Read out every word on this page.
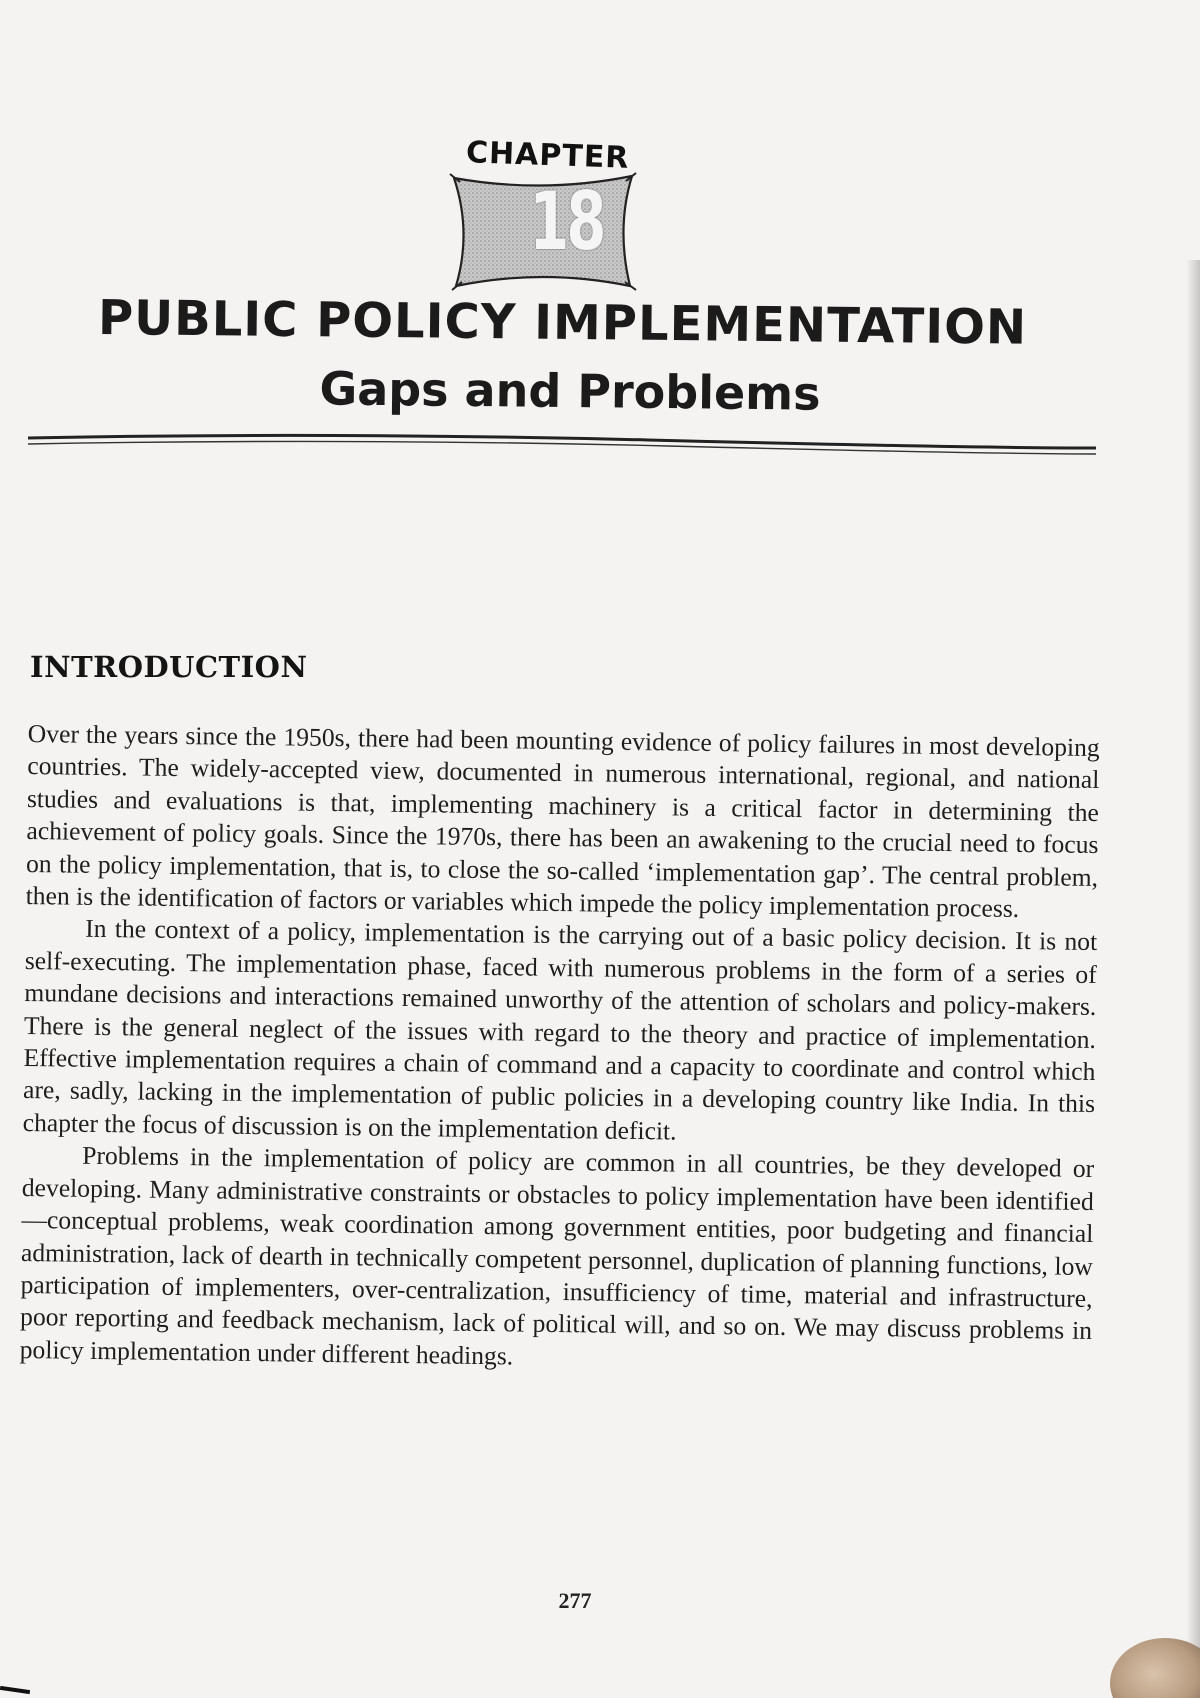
CHAPTER
18
PUBLIC POLICY IMPLEMENTATION
Gaps and Problems
INTRODUCTION

Over the years since the 1950s, there had been mounting evidence of policy failures in most developing countries. The widely-accepted view, documented in numerous international, regional, and national studies and evaluations is that, implementing machinery is a critical factor in determining the achievement of policy goals. Since the 1970s, there has been an awakening to the crucial need to focus on the policy implementation, that is, to close the so-called ‘implementation gap’. The central problem, then is the identification of factors or variables which impede the policy implementation process.

In the context of a policy, implementation is the carrying out of a basic policy decision. It is not self-executing. The implementation phase, faced with numerous problems in the form of a series of mundane decisions and interactions remained unworthy of the attention of scholars and policy-makers. There is the general neglect of the issues with regard to the theory and practice of implementation. Effective implementation requires a chain of command and a capacity to coordinate and control which are, sadly, lacking in the implementation of public policies in a developing country like India. In this chapter the focus of discussion is on the implementation deficit.

Problems in the implementation of policy are common in all countries, be they developed or developing. Many administrative constraints or obstacles to policy implementation have been identified—conceptual problems, weak coordination among government entities, poor budgeting and financial administration, lack of dearth in technically competent personnel, duplication of planning functions, low participation of implementers, over-centralization, insufficiency of time, material and infrastructure, poor reporting and feedback mechanism, lack of political will, and so on. We may discuss problems in policy implementation under different headings.

277
